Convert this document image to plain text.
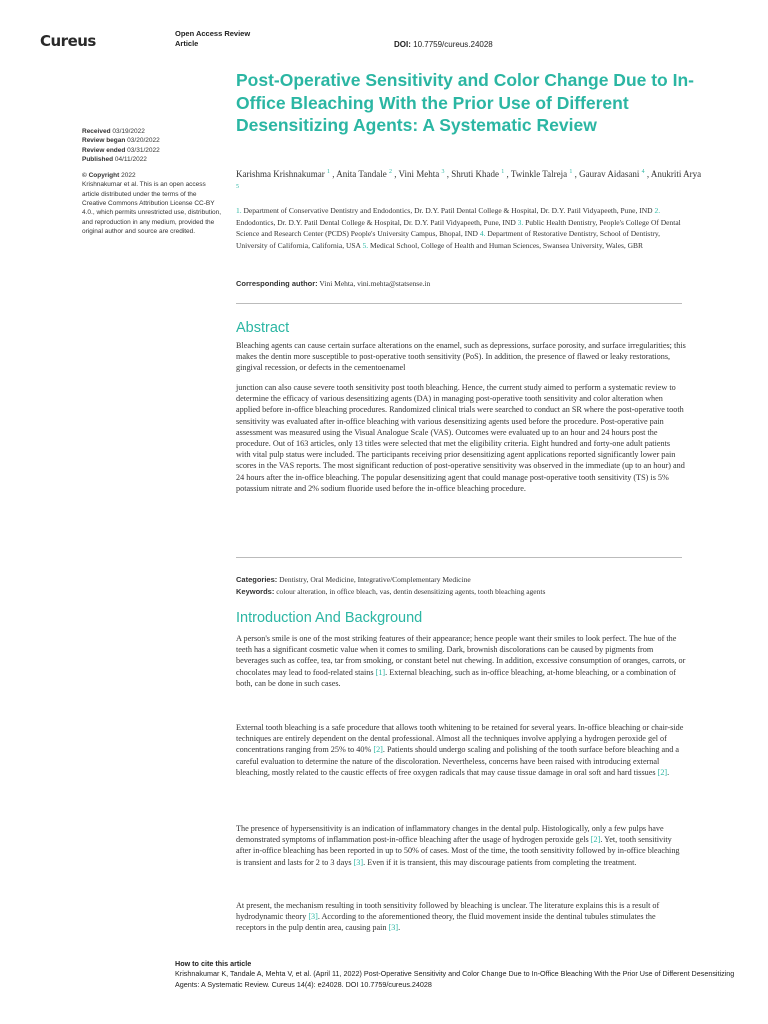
Cureus	Open Access Review
Article	DOI: 10.7759/cureus.24028
Post-Operative Sensitivity and Color Change Due to In-Office Bleaching With the Prior Use of Different Desensitizing Agents: A Systematic Review
Karishma Krishnakumar $^1$ , Anita Tandale $^2$ , Vini Mehta $^3$ , Shruti Khade $^1$ , Twinkle Talreja $^1$ , Gaurav Aidasani $^4$ , Anukriti Arya $^5$
1. Department of Conservative Dentistry and Endodontics, Dr. D.Y. Patil Dental College & Hospital, Dr. D.Y. Patil Vidyapeeth, Pune, IND 2. Endodontics, Dr. D.Y. Patil Dental College & Hospital, Dr. D.Y. Patil Vidyapeeth, Pune, IND 3. Public Health Dentistry, People's College Of Dental Science and Research Center (PCDS) People's University Campus, Bhopal, IND 4. Department of Restorative Dentistry, School of Dentistry, University of California, California, USA 5. Medical School, College of Health and Human Sciences, Swansea University, Wales, GBR
Corresponding author: Vini Mehta, vini.mehta@statsense.in
Received 03/19/2022
Review began 03/20/2022
Review ended 03/31/2022
Published 04/11/2022
© Copyright 2022
Krishnakumar et al. This is an open access article distributed under the terms of the Creative Commons Attribution License CC-BY 4.0., which permits unrestricted use, distribution, and reproduction in any medium, provided the original author and source are credited.
Abstract

Bleaching agents can cause certain surface alterations on the enamel, such as depressions, surface porosity, and surface irregularities; this makes the dentin more susceptible to post-operative tooth sensitivity (PoS). In addition, the presence of flawed or leaky restorations, gingival recession, or defects in the cementoenamel

junction can also cause severe tooth sensitivity post tooth bleaching. Hence, the current study aimed to perform a systematic review to determine the efficacy of various desensitizing agents (DA) in managing post-operative tooth sensitivity and color alteration when applied before in-office bleaching procedures. Randomized clinical trials were searched to conduct an SR where the post-operative tooth sensitivity was evaluated after in-office bleaching with various desensitizing agents used before the procedure. Post-operative pain assessment was measured using the Visual Analogue Scale (VAS). Outcomes were evaluated up to an hour and 24 hours post the procedure. Out of 163 articles, only 13 titles were selected that met the eligibility criteria. Eight hundred and forty-one adult patients with vital pulp status were included. The participants receiving prior desensitizing agent applications reported significantly lower pain scores in the VAS reports. The most significant reduction of post-operative sensitivity was observed in the immediate (up to an hour) and 24 hours after the in-office bleaching. The popular desensitizing agent that could manage post-operative tooth sensitivity (TS) is 5% potassium nitrate and 2% sodium fluoride used before the in-office bleaching procedure.

Categories: Dentistry, Oral Medicine, Integrative/Complementary Medicine
Keywords: colour alteration, in office bleach, vas, dentin desensitizing agents, tooth bleaching agents
Introduction And Background

A person's smile is one of the most striking features of their appearance; hence people want their smiles to look perfect. The hue of the teeth has a significant cosmetic value when it comes to smiling. Dark, brownish discolorations can be caused by pigments from beverages such as coffee, tea, tar from smoking, or constant betel nut chewing. In addition, excessive consumption of oranges, carrots, or chocolates may lead to food-related stains [1]. External bleaching, such as in-office bleaching, at-home bleaching, or a combination of both, can be done in such cases.

External tooth bleaching is a safe procedure that allows tooth whitening to be retained for several years. In-office bleaching or chair-side techniques are entirely dependent on the dental professional. Almost all the techniques involve applying a hydrogen peroxide gel of concentrations ranging from 25% to 40% [2]. Patients should undergo scaling and polishing of the tooth surface before bleaching and a careful evaluation to determine the nature of the discoloration. Nevertheless, concerns have been raised with introducing external bleaching, mostly related to the caustic effects of free oxygen radicals that may cause tissue damage in oral soft and hard tissues [2].

The presence of hypersensitivity is an indication of inflammatory changes in the dental pulp. Histologically, only a few pulps have demonstrated symptoms of inflammation post-in-office bleaching after the usage of hydrogen peroxide gels [2]. Yet, tooth sensitivity after in-office bleaching has been reported in up to 50% of cases. Most of the time, the tooth sensitivity followed by in-office bleaching is transient and lasts for 2 to 3 days [3]. Even if it is transient, this may discourage patients from completing the treatment.

At present, the mechanism resulting in tooth sensitivity followed by bleaching is unclear. The literature explains this is a result of hydrodynamic theory [3]. According to the aforementioned theory, the fluid movement inside the dentinal tubules stimulates the receptors in the pulp dentin area, causing pain [3].

How to cite this article
Krishnakumar K, Tandale A, Mehta V, et al. (April 11, 2022) Post-Operative Sensitivity and Color Change Due to In-Office Bleaching With the Prior Use of Different Desensitizing Agents: A Systematic Review. Cureus 14(4): e24028. DOI 10.7759/cureus.24028
